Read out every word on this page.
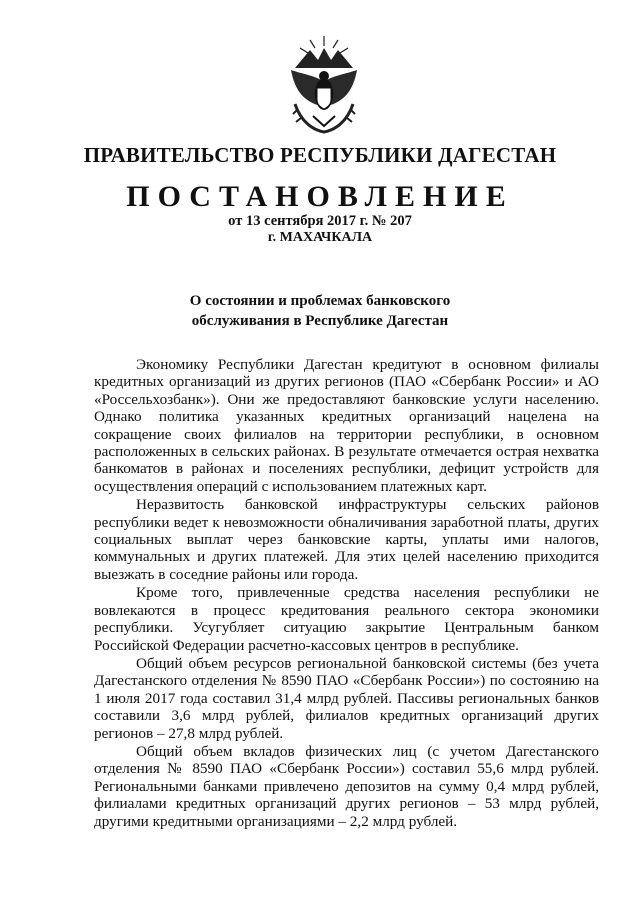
ПРАВИТЕЛЬСТВО РЕСПУБЛИКИ ДАГЕСТАН
ПОСТАНОВЛЕНИЕ
от 13 сентября 2017 г. № 207
г. МАХАЧКАЛА
О состоянии и проблемах банковского
обслуживания в Республике Дагестан

Экономику Республики Дагестан кредитуют в основном филиалы кредитных организаций из других регионов (ПАО «Сбербанк России» и АО «Россельхозбанк»). Они же предоставляют банковские услуги населению. Однако политика указанных кредитных организаций нацелена на сокращение своих филиалов на территории республики, в основном расположенных в сельских районах. В результате отмечается острая нехватка банкоматов в районах и поселениях республики, дефицит устройств для осуществления операций с использованием платежных карт.

Неразвитость банковской инфраструктуры сельских районов республики ведет к невозможности обналичивания заработной платы, других социальных выплат через банковские карты, уплаты ими налогов, коммунальных и других платежей. Для этих целей населению приходится выезжать в соседние районы или городa.

Кроме того, привлеченные средства населения республики не вовлекаются в процесс кредитования реального сектора экономики республики. Усугубляет ситуацию закрытие Центральным банком Российской Федерации расчетно-кассовых центров в республике.

Общий объем ресурсов региональной банковской системы (без учета Дагестанского отделения № 8590 ПАО «Сбербанк России») по состоянию на 1 июля 2017 года составил 31,4 млрд рублей. Пассивы региональных банков составили 3,6 млрд рублей, филиалов кредитных организаций других регионов – 27,8 млрд рублей.

Общий объем вкладов физических лиц (с учетом Дагестанского отделения № 8590 ПАО «Сбербанк России») составил 55,6 млрд рублей. Региональными банками привлечено депозитов на сумму 0,4 млрд рублей, филиалами кредитных организаций других регионов – 53 млрд рублей, другими кредитными организациями – 2,2 млрд рублей.
